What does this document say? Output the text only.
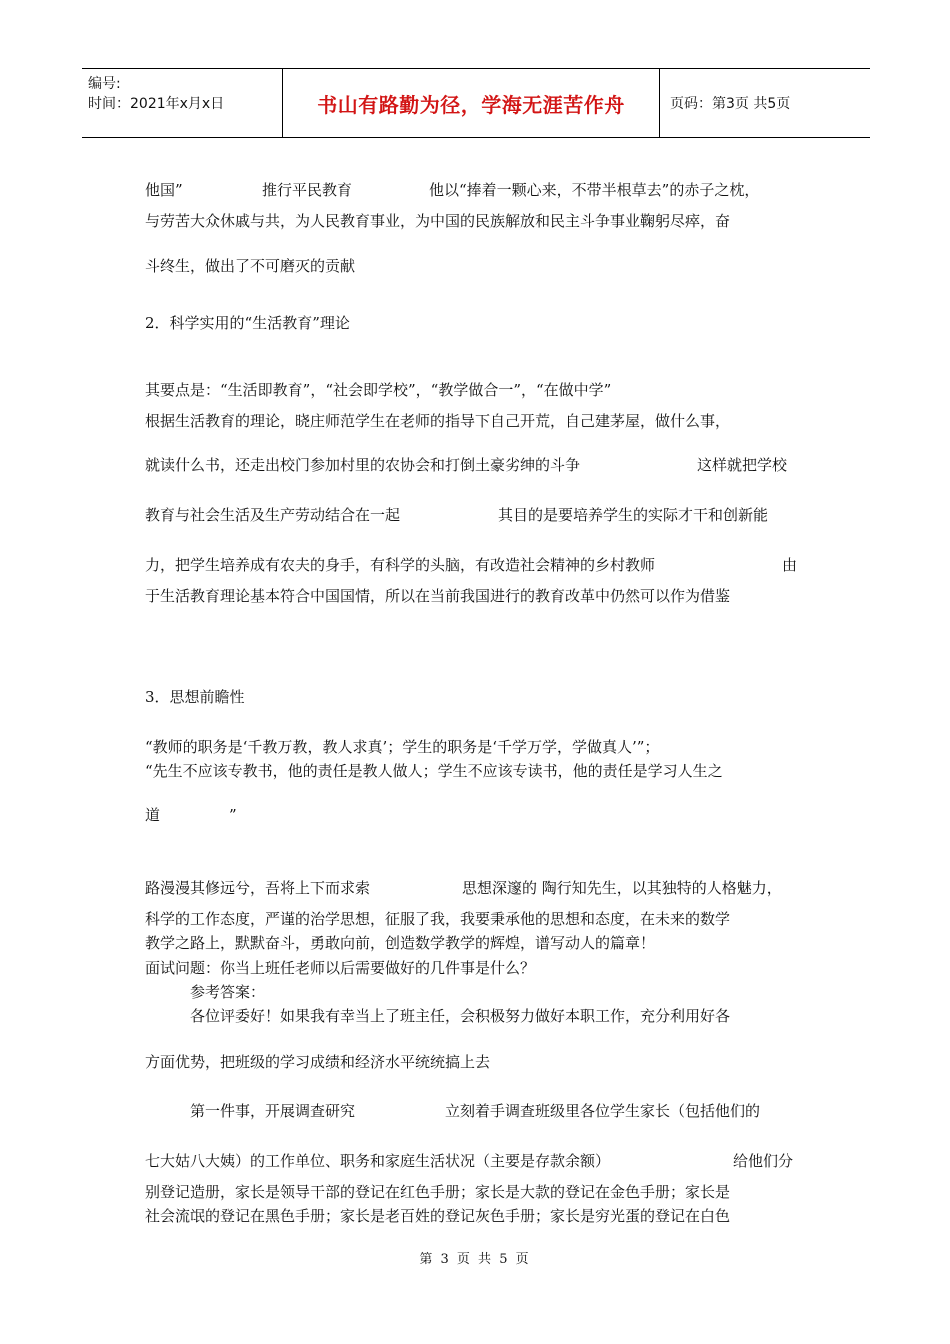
编号:
时间：2021年x月x日	书山有路勤为径，学海无涯苦作舟	页码：第3页 共5页
他国”	推行平民教育	他以“捧着一颗心来，不带半根草去”的赤子之枕，
与劳苦大众休戚与共，为人民教育事业，为中国的民族解放和民主斗争事业鞠躬尽瘁，奋
斗终生，做出了不可磨灭的贡献
2．科学实用的“生活教育”理论
其要点是：“生活即教育”，“社会即学校”，“教学做合一”，“在做中学”
根据生活教育的理论，晓庄师范学生在老师的指导下自己开荒，自己建茅屋，做什么事，
就读什么书，还走出校门参加村里的农协会和打倒土豪劣绅的斗争	这样就把学校
教育与社会生活及生产劳动结合在一起	其目的是要培养学生的实际才干和创新能
力，把学生培养成有农夫的身手，有科学的头脑，有改造社会精神的乡村教师	由
于生活教育理论基本符合中国国情，所以在当前我国进行的教育改革中仍然可以作为借鉴
3．思想前瞻性
“教师的职务是‘千教万教，教人求真’；学生的职务是‘千学万学，学做真人’”；
“先生不应该专教书，他的责任是教人做人；学生不应该专读书，他的责任是学习人生之
道	”
路漫漫其修远兮，吾将上下而求索	思想深邃的 陶行知先生，以其独特的人格魅力，
科学的工作态度，严谨的治学思想，征服了我，我要秉承他的思想和态度，在未来的数学
教学之路上，默默奋斗，勇敢向前，创造数学教学的辉煌，谱写动人的篇章！
面试问题：你当上班任老师以后需要做好的几件事是什么？
参考答案：
各位评委好！如果我有幸当上了班主任，会积极努力做好本职工作，充分利用好各
方面优势，把班级的学习成绩和经济水平统统搞上去
第一件事，开展调查研究	立刻着手调查班级里各位学生家长（包括他们的
七大姑八大姨）的工作单位、职务和家庭生活状况（主要是存款余额）	给他们分
别登记造册，家长是领导干部的登记在红色手册；家长是大款的登记在金色手册；家长是
社会流氓的登记在黑色手册；家长是老百姓的登记灰色手册；家长是穷光蛋的登记在白色
第 3 页 共 5 页
